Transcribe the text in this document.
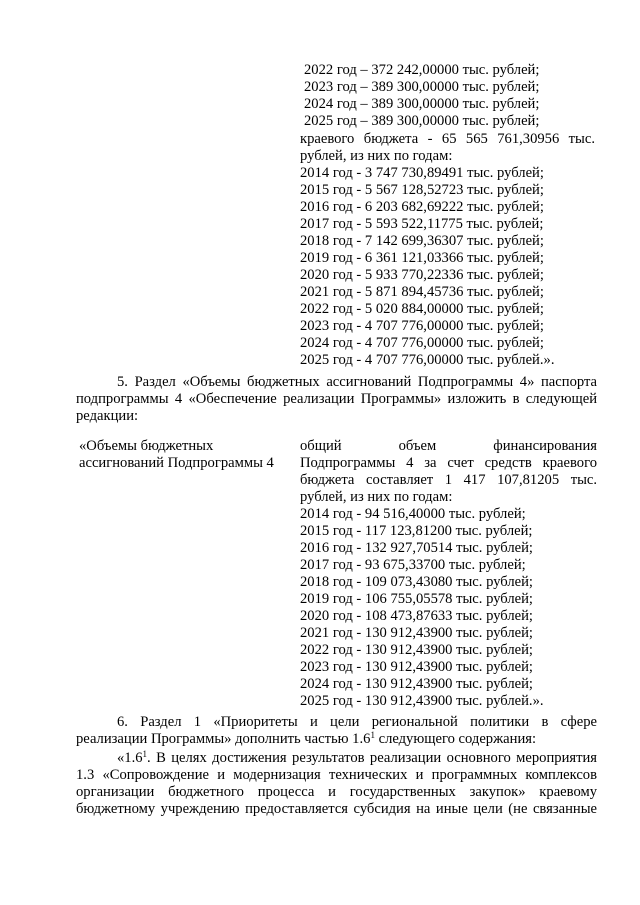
2022 год – 372 242,00000 тыс. рублей;
2023 год – 389 300,00000 тыс. рублей;
2024 год – 389 300,00000 тыс. рублей;
2025 год – 389 300,00000 тыс. рублей;
краевого бюджета - 65 565 761,30956 тыс.
рублей, из них по годам:
2014 год - 3 747 730,89491 тыс. рублей;
2015 год - 5 567 128,52723 тыс. рублей;
2016 год - 6 203 682,69222 тыс. рублей;
2017 год - 5 593 522,11775 тыс. рублей;
2018 год - 7 142 699,36307 тыс. рублей;
2019 год - 6 361 121,03366 тыс. рублей;
2020 год - 5 933 770,22336 тыс. рублей;
2021 год - 5 871 894,45736 тыс. рублей;
2022 год - 5 020 884,00000 тыс. рублей;
2023 год - 4 707 776,00000 тыс. рублей;
2024 год - 4 707 776,00000 тыс. рублей;
2025 год - 4 707 776,00000 тыс. рублей.».
5. Раздел «Объемы бюджетных ассигнований Подпрограммы 4» паспорта
подпрограммы 4 «Обеспечение реализации Программы» изложить в следующей
редакции:
«Объемы бюджетных
ассигнований Подпрограммы 4
общий объем финансирования
Подпрограммы 4 за счет средств краевого
бюджета составляет 1 417 107,81205 тыс.
рублей, из них по годам:
2014 год - 94 516,40000 тыс. рублей;
2015 год - 117 123,81200 тыс. рублей;
2016 год - 132 927,70514 тыс. рублей;
2017 год - 93 675,33700 тыс. рублей;
2018 год - 109 073,43080 тыс. рублей;
2019 год - 106 755,05578 тыс. рублей;
2020 год - 108 473,87633 тыс. рублей;
2021 год - 130 912,43900 тыс. рублей;
2022 год - 130 912,43900 тыс. рублей;
2023 год - 130 912,43900 тыс. рублей;
2024 год - 130 912,43900 тыс. рублей;
2025 год - 130 912,43900 тыс. рублей.».
6. Раздел 1 «Приоритеты и цели региональной политики в сфере
реализации Программы» дополнить частью $1.6^1$ следующего содержания:
«$1.6^1$. В целях достижения результатов реализации основного мероприятия
1.3 «Сопровождение и модернизация технических и программных комплексов
организации бюджетного процесса и государственных закупок» краевому
бюджетному учреждению предоставляется субсидия на иные цели (не связанные
